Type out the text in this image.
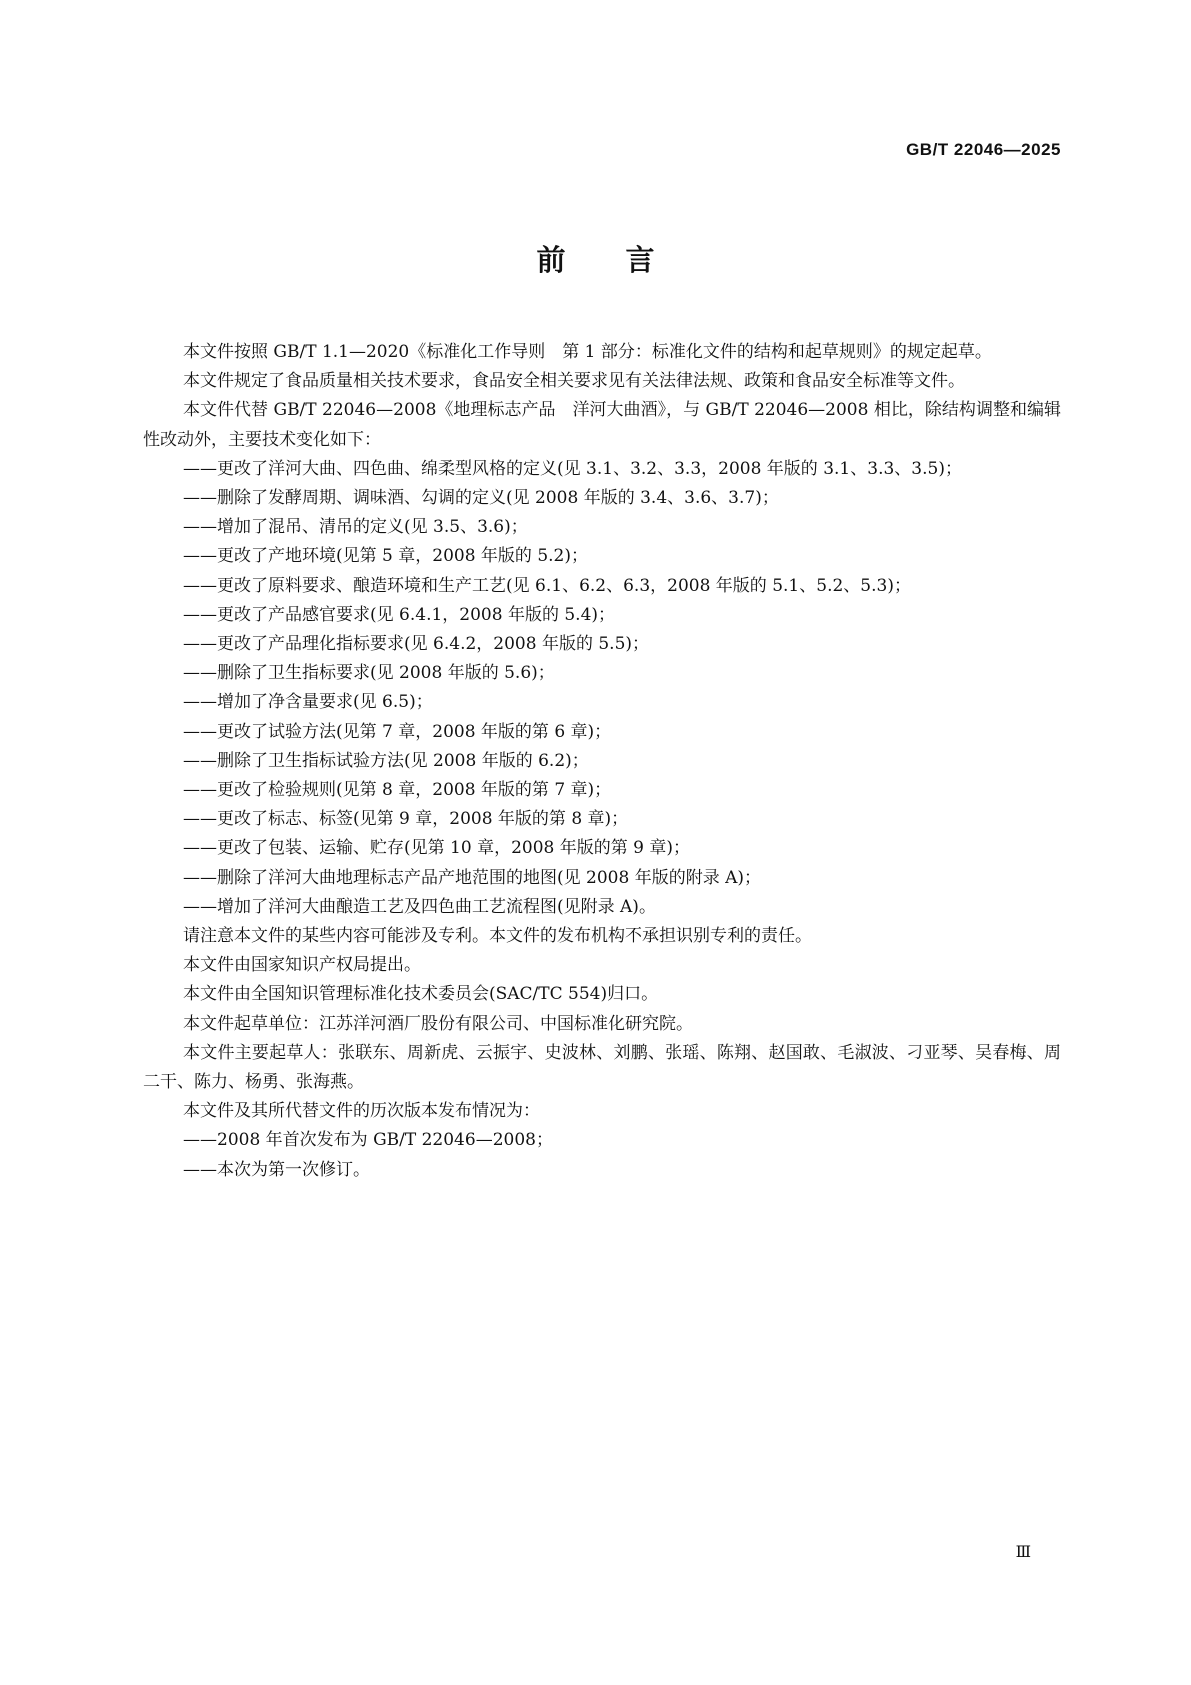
GB/T 22046—2025
前言

本文件按照 GB/T 1.1—2020《标准化工作导则　第 1 部分：标准化文件的结构和起草规则》的规定起草。

本文件规定了食品质量相关技术要求，食品安全相关要求见有关法律法规、政策和食品安全标准等文件。

本文件代替 GB/T 22046—2008《地理标志产品　洋河大曲酒》，与 GB/T 22046—2008 相比，除结构调整和编辑性改动外，主要技术变化如下：

——更改了洋河大曲、四色曲、绵柔型风格的定义(见 3.1、3.2、3.3，2008 年版的 3.1、3.3、3.5)；

——删除了发酵周期、调味酒、勾调的定义(见 2008 年版的 3.4、3.6、3.7)；

——增加了混吊、清吊的定义(见 3.5、3.6)；

——更改了产地环境(见第 5 章，2008 年版的 5.2)；

——更改了原料要求、酿造环境和生产工艺(见 6.1、6.2、6.3，2008 年版的 5.1、5.2、5.3)；

——更改了产品感官要求(见 6.4.1，2008 年版的 5.4)；

——更改了产品理化指标要求(见 6.4.2，2008 年版的 5.5)；

——删除了卫生指标要求(见 2008 年版的 5.6)；

——增加了净含量要求(见 6.5)；

——更改了试验方法(见第 7 章，2008 年版的第 6 章)；

——删除了卫生指标试验方法(见 2008 年版的 6.2)；

——更改了检验规则(见第 8 章，2008 年版的第 7 章)；

——更改了标志、标签(见第 9 章，2008 年版的第 8 章)；

——更改了包装、运输、贮存(见第 10 章，2008 年版的第 9 章)；

——删除了洋河大曲地理标志产品产地范围的地图(见 2008 年版的附录 A)；

——增加了洋河大曲酿造工艺及四色曲工艺流程图(见附录 A)。

请注意本文件的某些内容可能涉及专利。本文件的发布机构不承担识别专利的责任。

本文件由国家知识产权局提出。

本文件由全国知识管理标准化技术委员会(SAC/TC 554)归口。

本文件起草单位：江苏洋河酒厂股份有限公司、中国标准化研究院。

本文件主要起草人：张联东、周新虎、云振宇、史波林、刘鹏、张瑶、陈翔、赵国敢、毛淑波、刁亚琴、吴春梅、周二干、陈力、杨勇、张海燕。

本文件及其所代替文件的历次版本发布情况为：

——2008 年首次发布为 GB/T 22046—2008；

——本次为第一次修订。

Ⅲ
